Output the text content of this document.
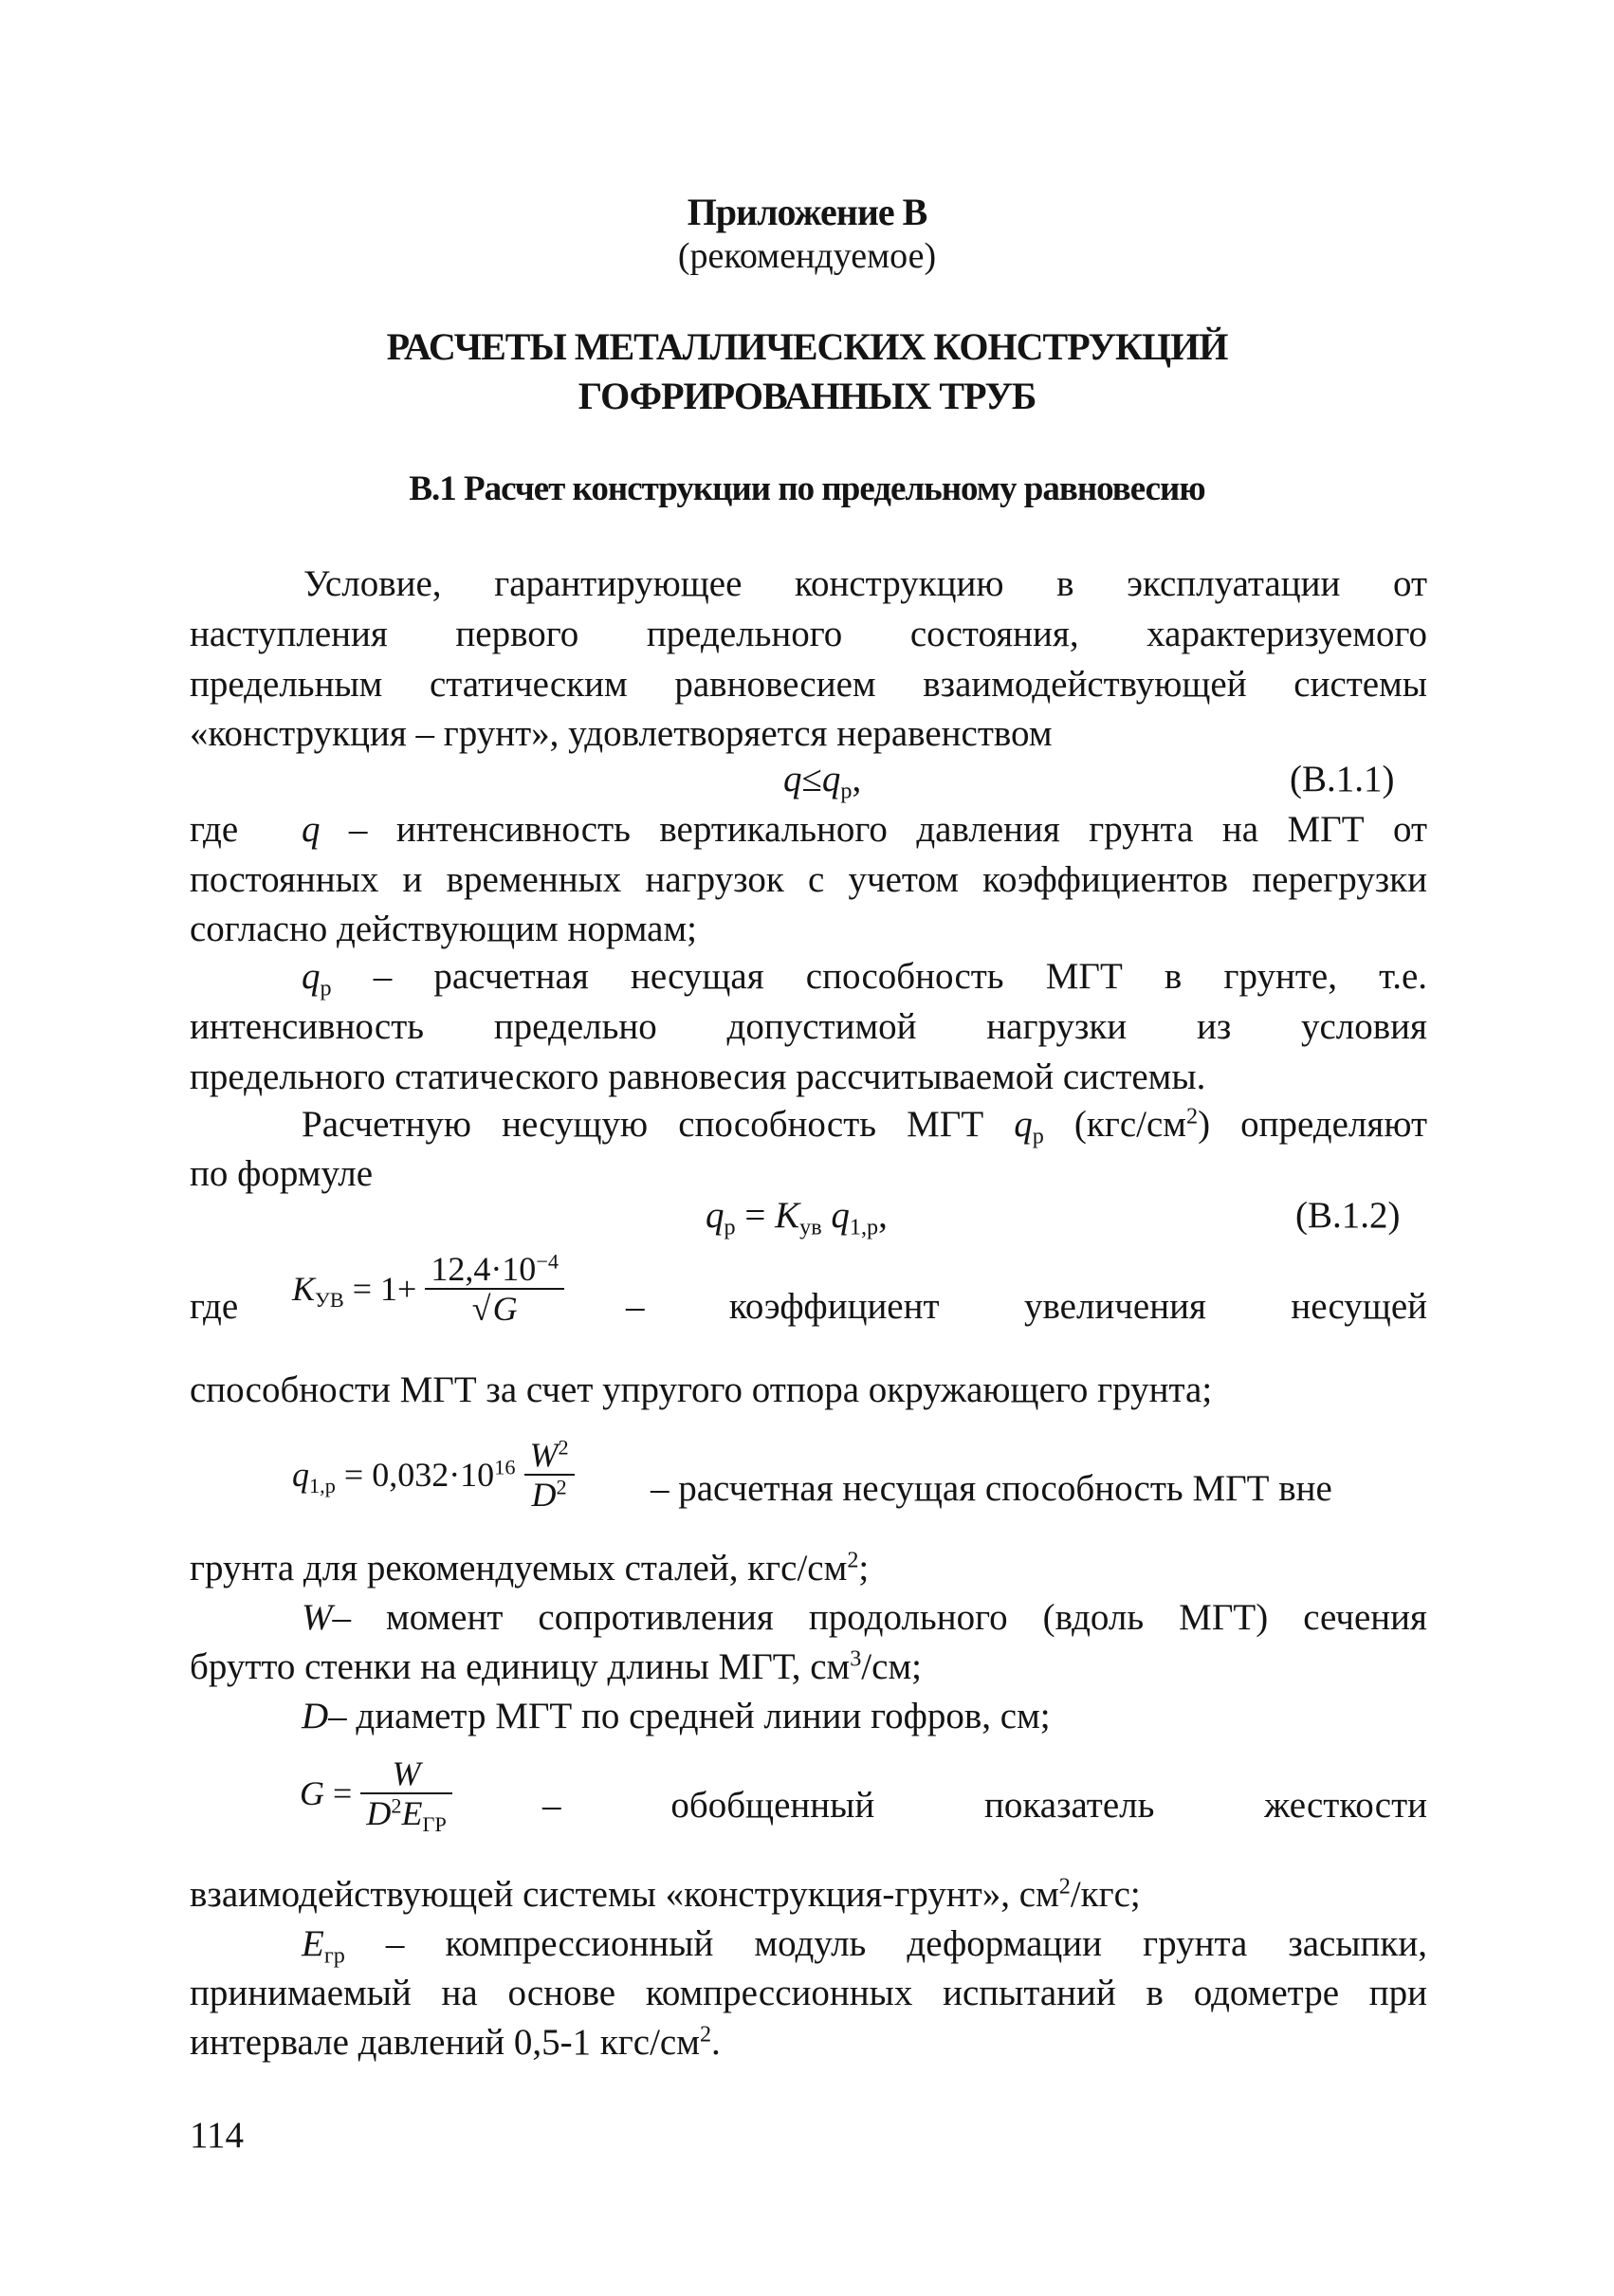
Приложение В
(рекомендуемое)
РАСЧЕТЫ МЕТАЛЛИЧЕСКИХ КОНСТРУКЦИЙ
ГОФРИРОВАННЫХ ТРУБ
В.1 Расчет конструкции по предельному равновесию
Условие, гарантирующее конструкцию в эксплуатации от
наступления первого предельного состояния, характеризуемого
предельным статическим равновесием взаимодействующей системы
«конструкция – грунт», удовлетворяется неравенством
$q\le q_р$,	(В.1.1)
где q – интенсивность вертикального давления грунта на МГТ от
постоянных и временных нагрузок с учетом коэффициентов перегрузки
согласно действующим нормам;
$q_р$ – расчетная несущая способность МГТ в грунте, т.е.
интенсивность предельно допустимой нагрузки из условия
предельного статического равновесия рассчитываемой системы.
Расчетную несущую способность МГТ $q_р$ $(кгс/см^2)$ определяют
по формуле
$q_р = K_{ув}$ $q_{1,р}$,	(В.1.2)
где $K_{УВ} = 1+ \frac{12,4\cdot 10^{-4}}{√G}$ – коэффициент увеличения несущей
способности МГТ за счет упругого отпора окружающего грунта;
$q_{1,p} = 0,032\cdot 10^{16} \frac{W^2}{D^2}$ – расчетная несущая способность МГТ вне
грунта для рекомендуемых сталей, кгс/$см^2$;
W– момент сопротивления продольного (вдоль МГТ) сечения
брутто стенки на единицу длины МГТ, $см^3/см$;
D– диаметр МГТ по средней линии гофров, см;
$G = \frac{W}{D^2E_{ГР}}$ – обобщенный показатель жесткости
взаимодействующей системы «конструкция-грунт», $см^2$/кгс;
$E_{гр}$ – компрессионный модуль деформации грунта засыпки,
принимаемый на основе компрессионных испытаний в одометре при
интервале давлений 0,5-1 кгс/$см^2$.
114
